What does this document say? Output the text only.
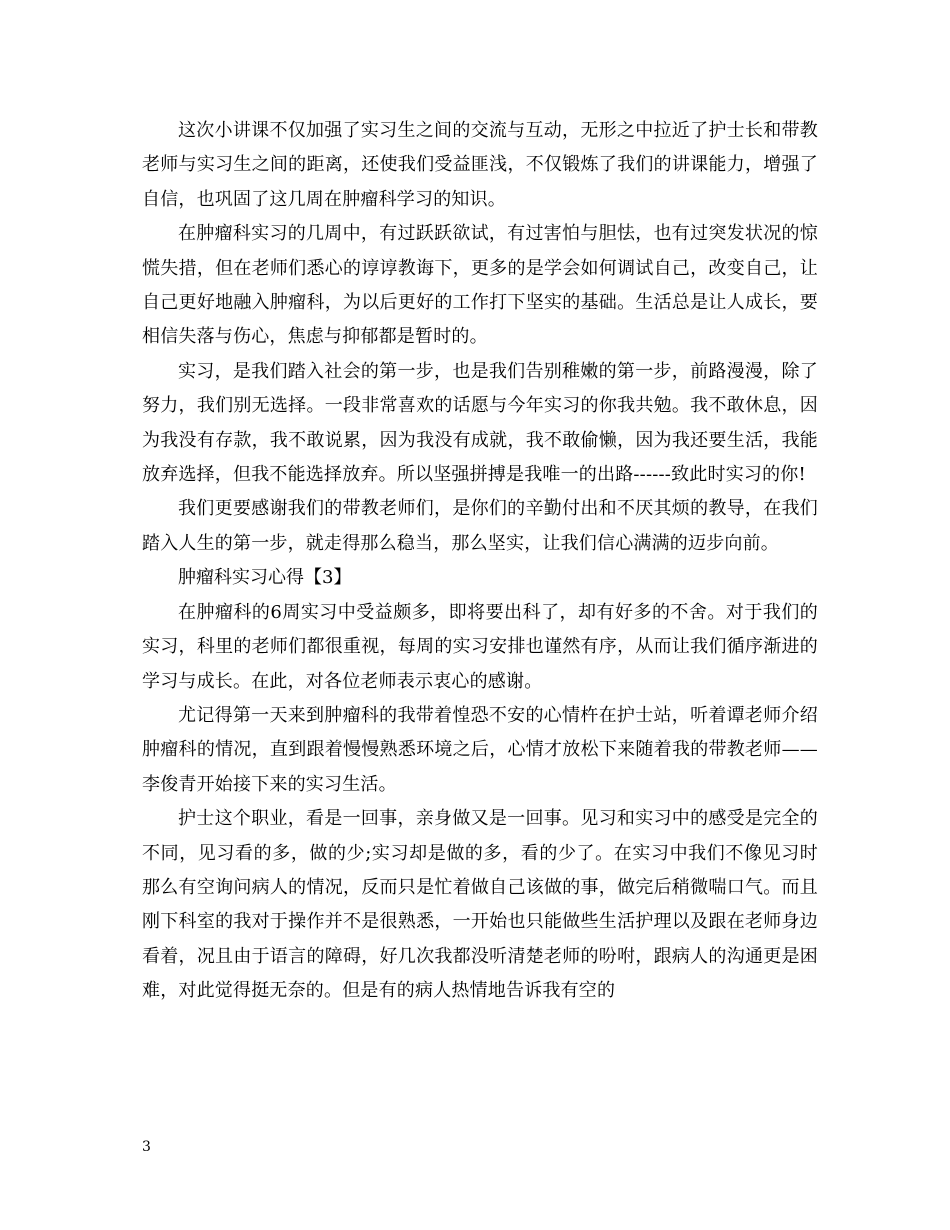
这次小讲课不仅加强了实习生之间的交流与互动，无形之中拉近了护士长和带教老师与实习生之间的距离，还使我们受益匪浅，不仅锻炼了我们的讲课能力，增强了自信，也巩固了这几周在肿瘤科学习的知识。

在肿瘤科实习的几周中，有过跃跃欲试，有过害怕与胆怯，也有过突发状况的惊慌失措，但在老师们悉心的谆谆教诲下，更多的是学会如何调试自己，改变自己，让自己更好地融入肿瘤科，为以后更好的工作打下坚实的基础。生活总是让人成长，要相信失落与伤心，焦虑与抑郁都是暂时的。

实习，是我们踏入社会的第一步，也是我们告别稚嫩的第一步，前路漫漫，除了努力，我们别无选择。一段非常喜欢的话愿与今年实习的你我共勉。我不敢休息，因为我没有存款，我不敢说累，因为我没有成就，我不敢偷懒，因为我还要生活，我能放弃选择，但我不能选择放弃。所以坚强拼搏是我唯一的出路------致此时实习的你!

我们更要感谢我们的带教老师们，是你们的辛勤付出和不厌其烦的教导，在我们踏入人生的第一步，就走得那么稳当，那么坚实，让我们信心满满的迈步向前。

肿瘤科实习心得【3】

在肿瘤科的6周实习中受益颇多，即将要出科了，却有好多的不舍。对于我们的实习，科里的老师们都很重视，每周的实习安排也谨然有序，从而让我们循序渐进的学习与成长。在此，对各位老师表示衷心的感谢。

尤记得第一天来到肿瘤科的我带着惶恐不安的心情杵在护士站，听着谭老师介绍肿瘤科的情况，直到跟着慢慢熟悉环境之后，心情才放松下来随着我的带教老师——李俊青开始接下来的实习生活。

护士这个职业，看是一回事，亲身做又是一回事。见习和实习中的感受是完全的不同，见习看的多，做的少;实习却是做的多，看的少了。在实习中我们不像见习时那么有空询问病人的情况，反而只是忙着做自己该做的事，做完后稍微喘口气。而且刚下科室的我对于操作并不是很熟悉，一开始也只能做些生活护理以及跟在老师身边看着，况且由于语言的障碍，好几次我都没听清楚老师的吩咐，跟病人的沟通更是困难，对此觉得挺无奈的。但是有的病人热情地告诉我有空的

3
